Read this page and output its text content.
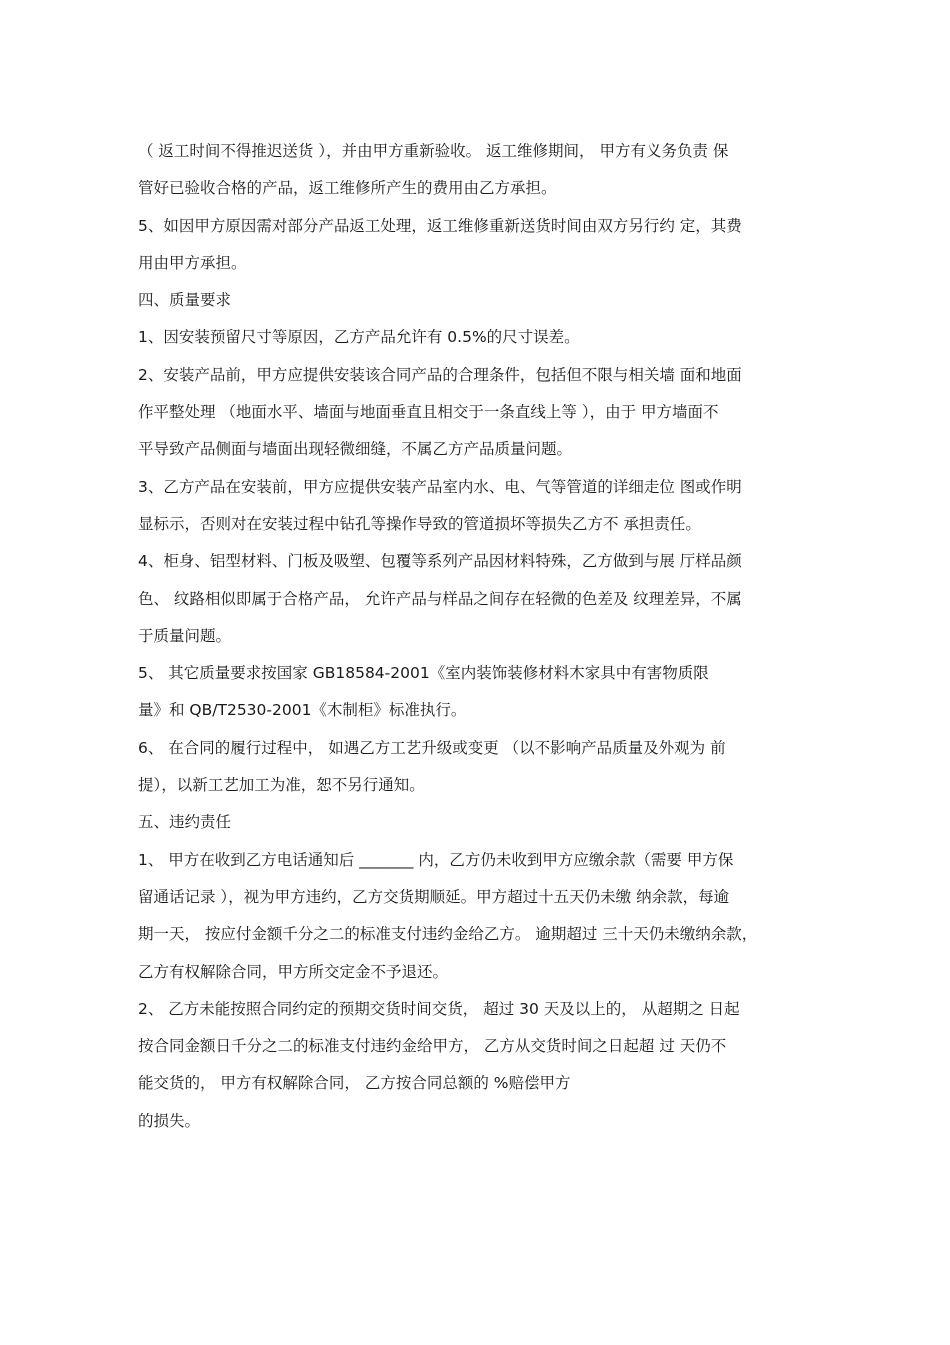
（ 返工时间不得推迟送货 ），并由甲方重新验收。 返工维修期间， 甲方有义务负责 保
管好已验收合格的产品，返工维修所产生的费用由乙方承担。
5、如因甲方原因需对部分产品返工处理，返工维修重新送货时间由双方另行约 定，其费
用由甲方承担。
四、质量要求
1、因安装预留尺寸等原因，乙方产品允许有 0.5%的尺寸误差。
2、安装产品前，甲方应提供安装该合同产品的合理条件，包括但不限与相关墙 面和地面
作平整处理 （地面水平、墙面与地面垂直且相交于一条直线上等 ），由于 甲方墙面不
平导致产品侧面与墙面出现轻微细缝，不属乙方产品质量问题。
3、乙方产品在安装前，甲方应提供安装产品室内水、电、气等管道的详细走位 图或作明
显标示，否则对在安装过程中钻孔等操作导致的管道损坏等损失乙方不 承担责任。
4、柜身、铝型材料、门板及吸塑、包覆等系列产品因材料特殊，乙方做到与展 厅样品颜
色、 纹路相似即属于合格产品， 允许产品与样品之间存在轻微的色差及 纹理差异，不属
于质量问题。
5、 其它质量要求按国家 GB18584-2001《室内装饰装修材料木家具中有害物质限
量》和 QB/T2530-2001《木制柜》标准执行。
6、 在合同的履行过程中， 如遇乙方工艺升级或变更 （以不影响产品质量及外观为 前
提），以新工艺加工为准，恕不另行通知。
五、违约责任
1、 甲方在收到乙方电话通知后 _______ 内，乙方仍未收到甲方应缴余款（需要 甲方保
留通话记录 ），视为甲方违约，乙方交货期顺延。甲方超过十五天仍未缴 纳余款，每逾
期一天， 按应付金额千分之二的标准支付违约金给乙方。 逾期超过 三十天仍未缴纳余款，
乙方有权解除合同，甲方所交定金不予退还。
2、 乙方未能按照合同约定的预期交货时间交货， 超过 30 天及以上的， 从超期之 日起
按合同金额日千分之二的标准支付违约金给甲方， 乙方从交货时间之日起超 过 天仍不
能交货的， 甲方有权解除合同， 乙方按合同总额的 %赔偿甲方
的损失。
